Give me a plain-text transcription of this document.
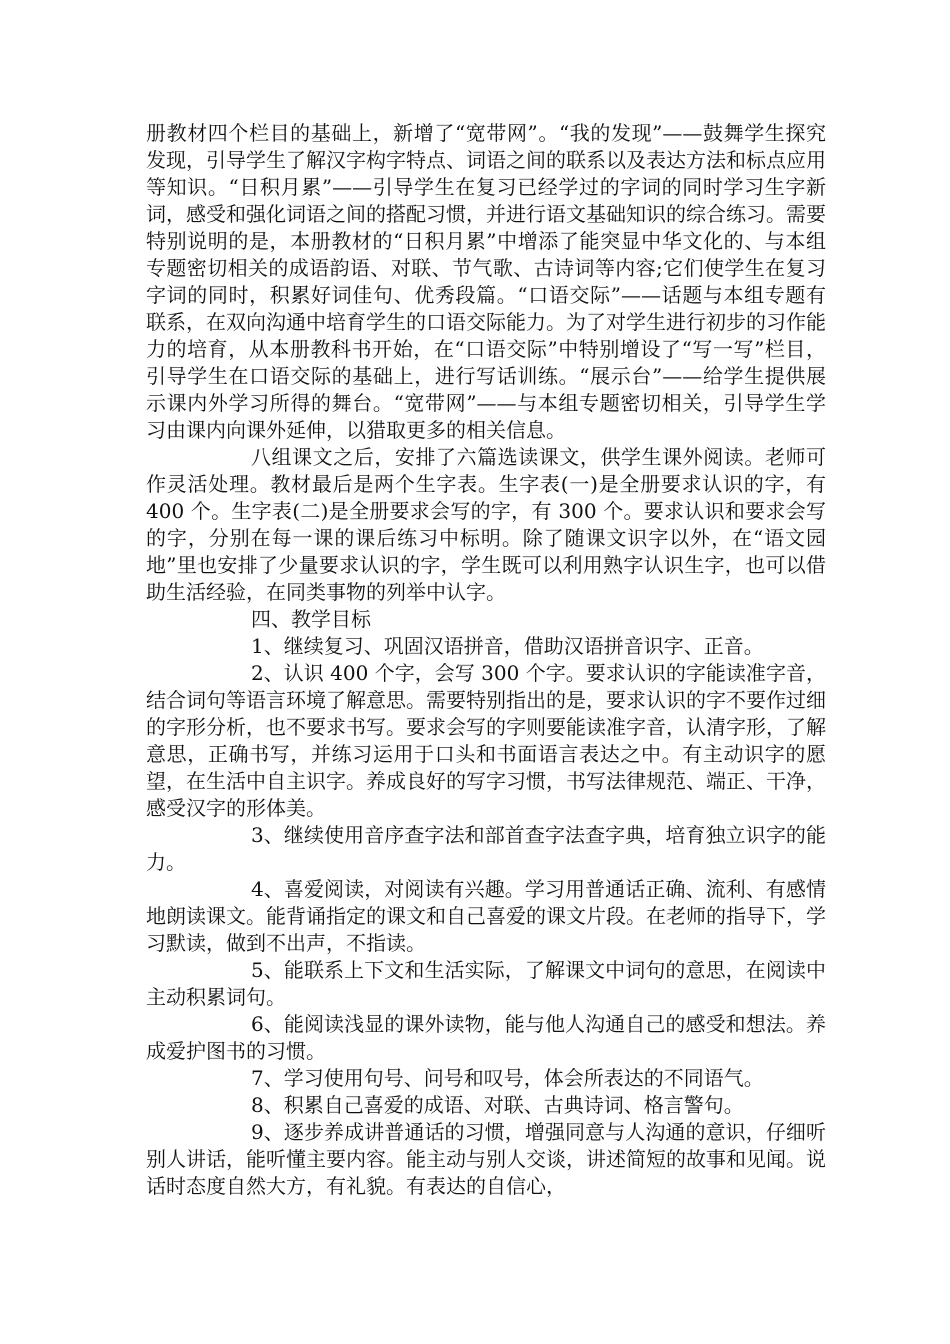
册教材四个栏目的基础上，新增了“宽带网”。“我的发现”——鼓舞学生探究发现，引导学生了解汉字构字特点、词语之间的联系以及表达方法和标点应用等知识。“日积月累”——引导学生在复习已经学过的字词的同时学习生字新词，感受和强化词语之间的搭配习惯，并进行语文基础知识的综合练习。需要特别说明的是，本册教材的“日积月累”中增添了能突显中华文化的、与本组专题密切相关的成语韵语、对联、节气歌、古诗词等内容;它们使学生在复习字词的同时，积累好词佳句、优秀段篇。“口语交际”——话题与本组专题有联系，在双向沟通中培育学生的口语交际能力。为了对学生进行初步的习作能力的培育，从本册教科书开始，在“口语交际”中特别增设了“写一写”栏目，引导学生在口语交际的基础上，进行写话训练。“展示台”——给学生提供展示课内外学习所得的舞台。“宽带网”——与本组专题密切相关，引导学生学习由课内向课外延伸，以猎取更多的相关信息。

八组课文之后，安排了六篇选读课文，供学生课外阅读。老师可作灵活处理。教材最后是两个生字表。生字表(一)是全册要求认识的字，有 400 个。生字表(二)是全册要求会写的字，有 300 个。要求认识和要求会写的字，分别在每一课的课后练习中标明。除了随课文识字以外，在“语文园地”里也安排了少量要求认识的字，学生既可以利用熟字认识生字，也可以借助生活经验，在同类事物的列举中认字。

四、教学目标

1、继续复习、巩固汉语拼音，借助汉语拼音识字、正音。

2、认识 400 个字，会写 300 个字。要求认识的字能读准字音，结合词句等语言环境了解意思。需要特别指出的是，要求认识的字不要作过细的字形分析，也不要求书写。要求会写的字则要能读准字音，认清字形，了解意思，正确书写，并练习运用于口头和书面语言表达之中。有主动识字的愿望，在生活中自主识字。养成良好的写字习惯，书写法律规范、端正、干净，感受汉字的形体美。

3、继续使用音序查字法和部首查字法查字典，培育独立识字的能力。

4、喜爱阅读，对阅读有兴趣。学习用普通话正确、流利、有感情地朗读课文。能背诵指定的课文和自己喜爱的课文片段。在老师的指导下，学习默读，做到不出声，不指读。

5、能联系上下文和生活实际，了解课文中词句的意思，在阅读中主动积累词句。

6、能阅读浅显的课外读物，能与他人沟通自己的感受和想法。养成爱护图书的习惯。

7、学习使用句号、问号和叹号，体会所表达的不同语气。

8、积累自己喜爱的成语、对联、古典诗词、格言警句。

9、逐步养成讲普通话的习惯，增强同意与人沟通的意识，仔细听别人讲话，能听懂主要内容。能主动与别人交谈，讲述简短的故事和见闻。说话时态度自然大方，有礼貌。有表达的自信心，
